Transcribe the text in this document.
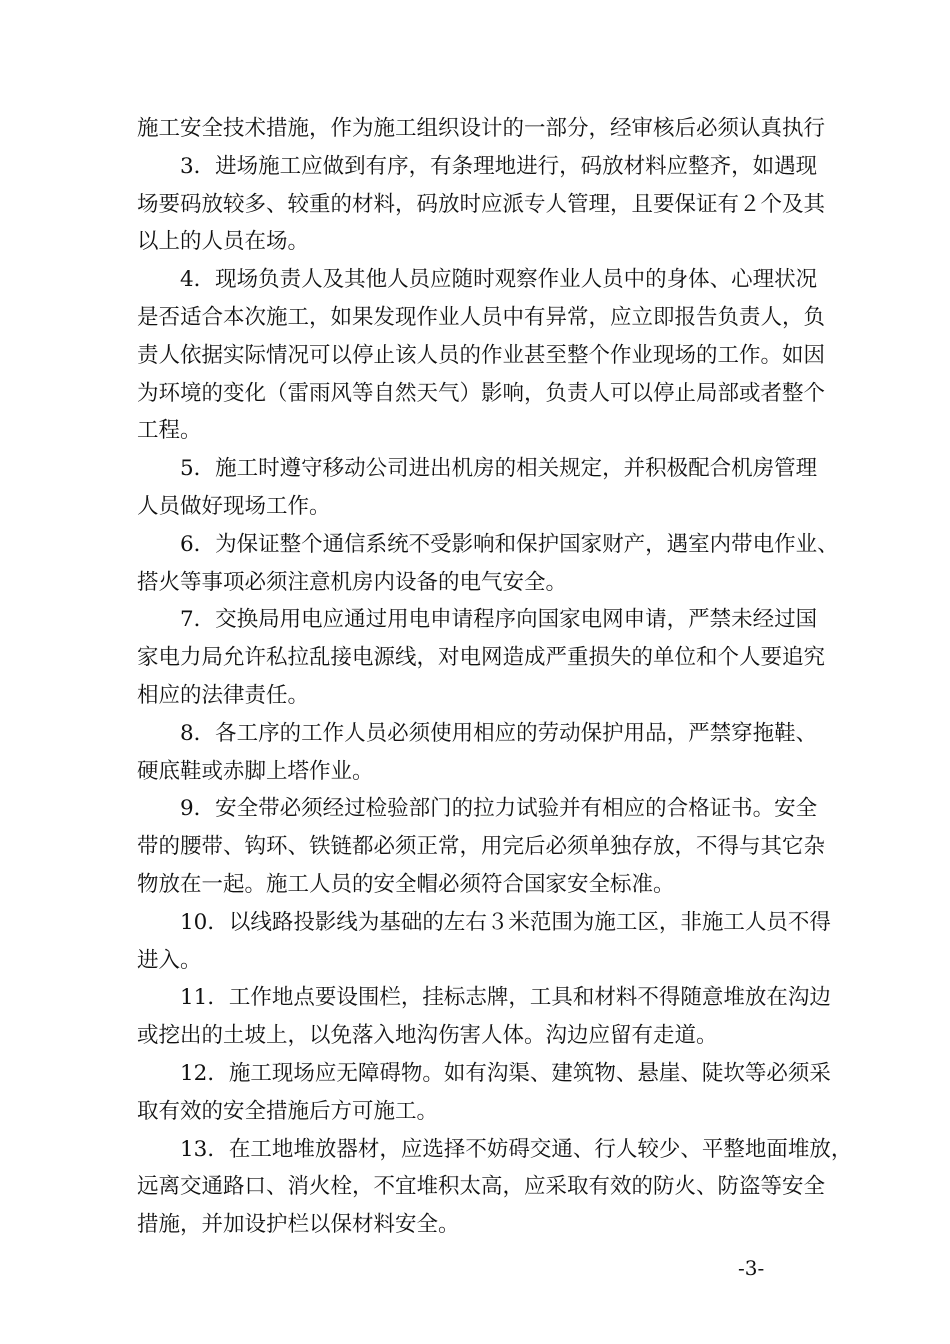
施工安全技术措施，作为施工组织设计的一部分，经审核后必须认真执行
3．进场施工应做到有序，有条理地进行，码放材料应整齐，如遇现
场要码放较多、较重的材料，码放时应派专人管理，且要保证有２个及其
以上的人员在场。
4．现场负责人及其他人员应随时观察作业人员中的身体、心理状况
是否适合本次施工，如果发现作业人员中有异常，应立即报告负责人，负
责人依据实际情况可以停止该人员的作业甚至整个作业现场的工作。如因
为环境的变化（雷雨风等自然天气）影响，负责人可以停止局部或者整个
工程。
5．施工时遵守移动公司进出机房的相关规定，并积极配合机房管理
人员做好现场工作。
6．为保证整个通信系统不受影响和保护国家财产，遇室内带电作业、
搭火等事项必须注意机房内设备的电气安全。
7．交换局用电应通过用电申请程序向国家电网申请，严禁未经过国
家电力局允许私拉乱接电源线，对电网造成严重损失的单位和个人要追究
相应的法律责任。
8．各工序的工作人员必须使用相应的劳动保护用品，严禁穿拖鞋、
硬底鞋或赤脚上塔作业。
9．安全带必须经过检验部门的拉力试验并有相应的合格证书。安全
带的腰带、钩环、铁链都必须正常，用完后必须单独存放，不得与其它杂
物放在一起。施工人员的安全帽必须符合国家安全标准。
10．以线路投影线为基础的左右３米范围为施工区，非施工人员不得
进入。
11．工作地点要设围栏，挂标志牌，工具和材料不得随意堆放在沟边
或挖出的土坡上，以免落入地沟伤害人体。沟边应留有走道。
12．施工现场应无障碍物。如有沟渠、建筑物、悬崖、陡坎等必须采
取有效的安全措施后方可施工。
13．在工地堆放器材，应选择不妨碍交通、行人较少、平整地面堆放，
远离交通路口、消火栓，不宜堆积太高，应采取有效的防火、防盗等安全
措施，并加设护栏以保材料安全。
-3-
